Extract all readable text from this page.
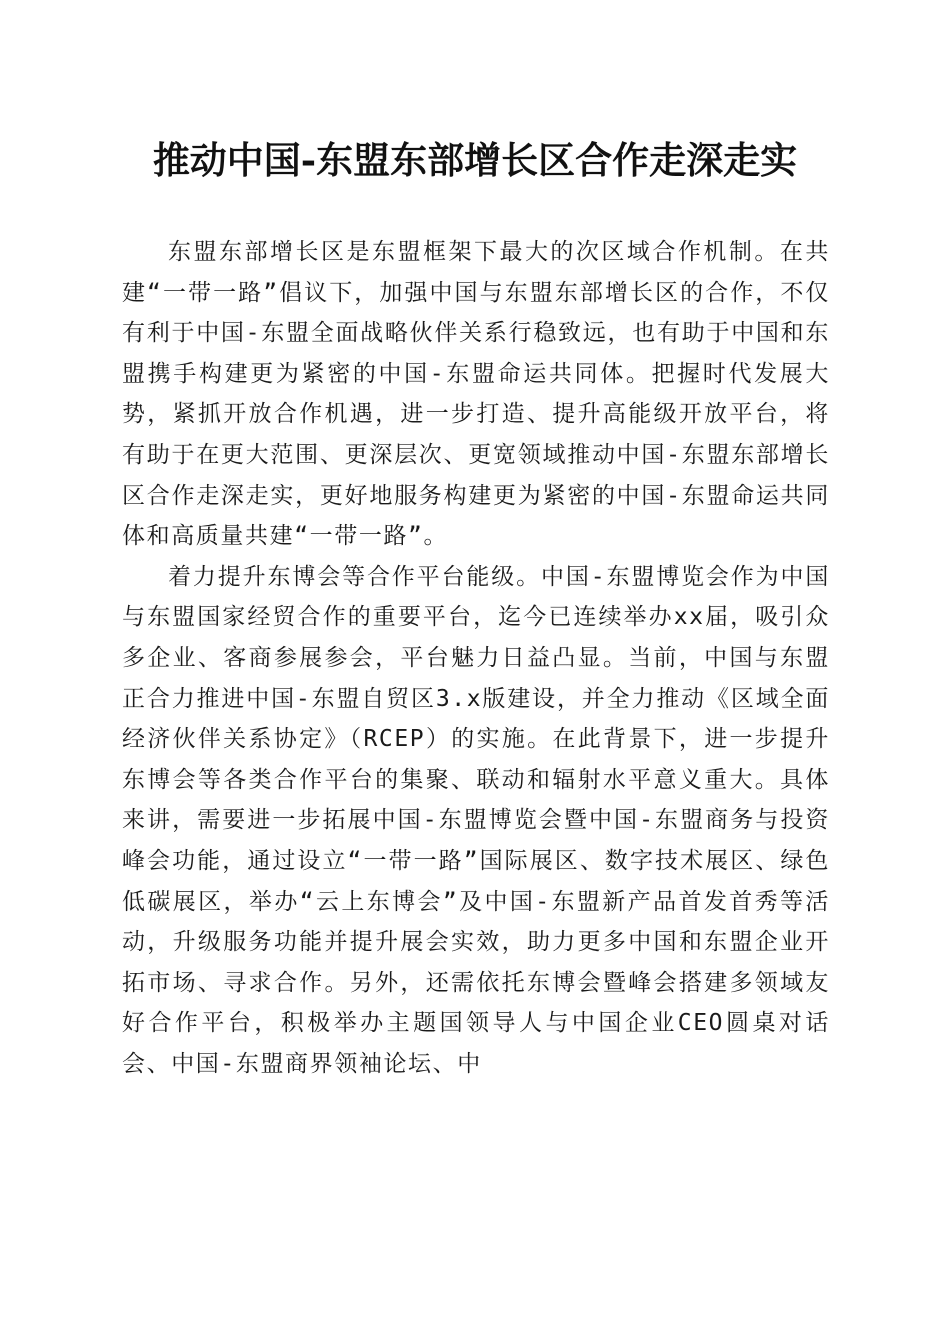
推动中国-东盟东部增长区合作走深走实

东盟东部增长区是东盟框架下最大的次区域合作机制。在共建“一带一路”倡议下，加强中国与东盟东部增长区的合作，不仅有利于中国-东盟全面战略伙伴关系行稳致远，也有助于中国和东盟携手构建更为紧密的中国-东盟命运共同体。把握时代发展大势，紧抓开放合作机遇，进一步打造、提升高能级开放平台，将有助于在更大范围、更深层次、更宽领域推动中国-东盟东部增长区合作走深走实，更好地服务构建更为紧密的中国-东盟命运共同体和高质量共建“一带一路”。

着力提升东博会等合作平台能级。中国-东盟博览会作为中国与东盟国家经贸合作的重要平台，迄今已连续举办xx届，吸引众多企业、客商参展参会，平台魅力日益凸显。当前，中国与东盟正合力推进中国-东盟自贸区3.x版建设，并全力推动《区域全面经济伙伴关系协定》（RCEP）的实施。在此背景下，进一步提升东博会等各类合作平台的集聚、联动和辐射水平意义重大。具体来讲，需要进一步拓展中国-东盟博览会暨中国-东盟商务与投资峰会功能，通过设立“一带一路”国际展区、数字技术展区、绿色低碳展区，举办“云上东博会”及中国-东盟新产品首发首秀等活动，升级服务功能并提升展会实效，助力更多中国和东盟企业开拓市场、寻求合作。另外，还需依托东博会暨峰会搭建多领域友好合作平台，积极举办主题国领导人与中国企业CEO圆桌对话会、中国-东盟商界领袖论坛、中
